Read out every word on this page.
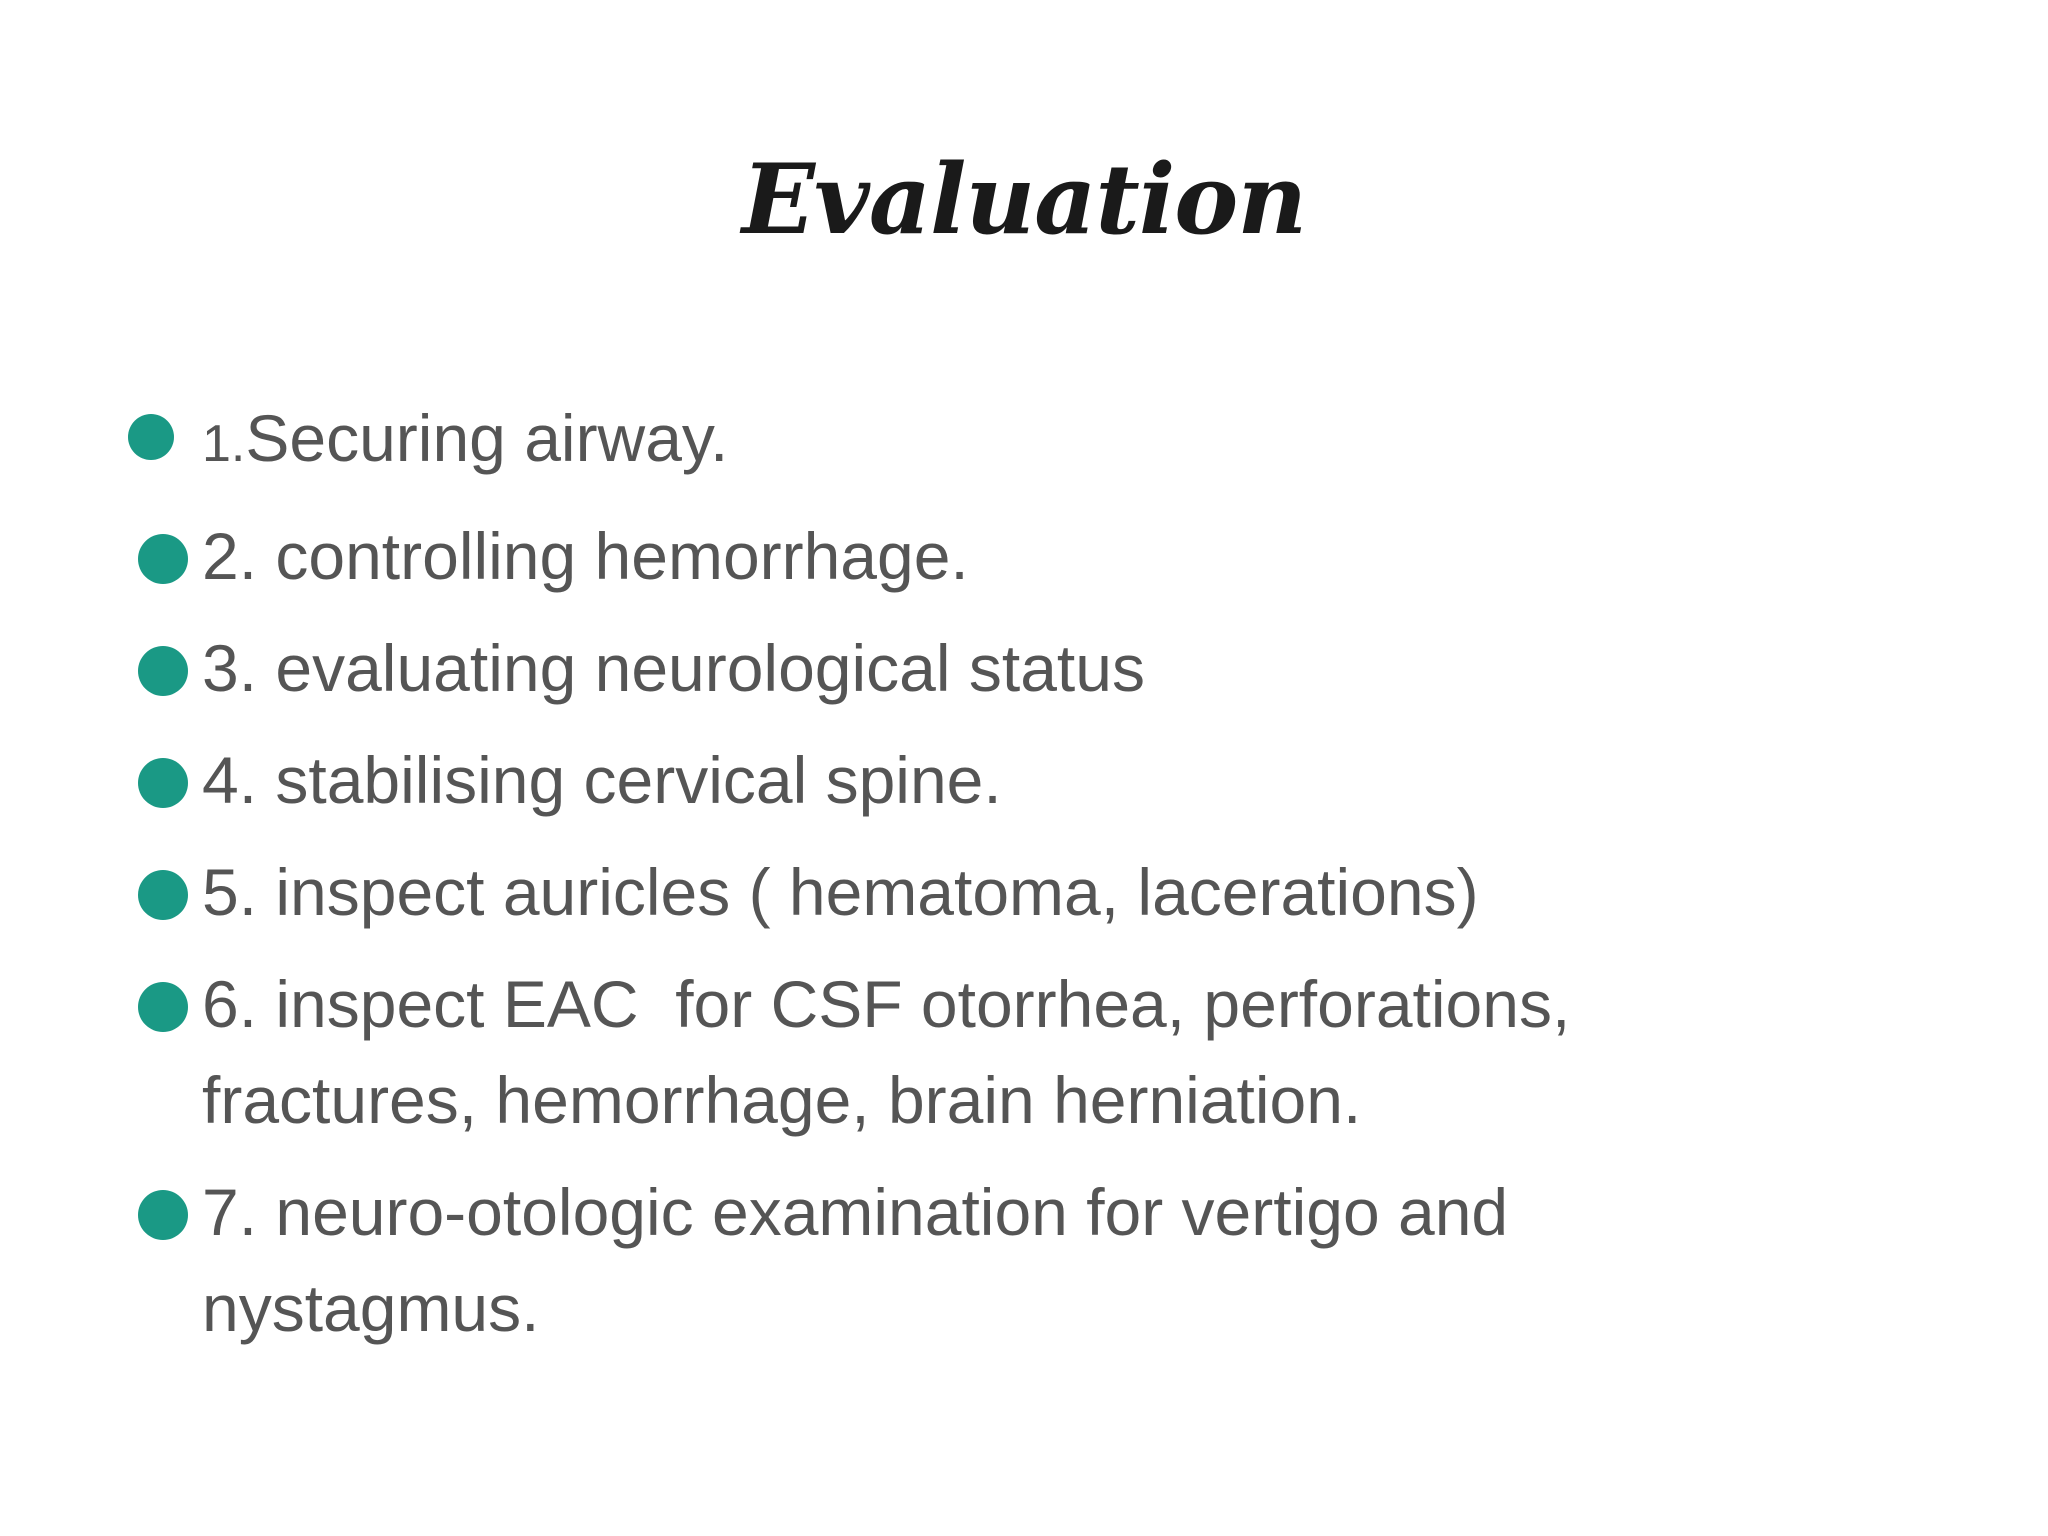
Evaluation
1.Securing airway.
2. controlling hemorrhage.
3. evaluating neurological status
4. stabilising cervical spine.
5. inspect auricles ( hematoma, lacerations)
6. inspect EAC  for CSF otorrhea, perforations, fractures, hemorrhage, brain herniation.
7. neuro-otologic examination for vertigo and nystagmus.
